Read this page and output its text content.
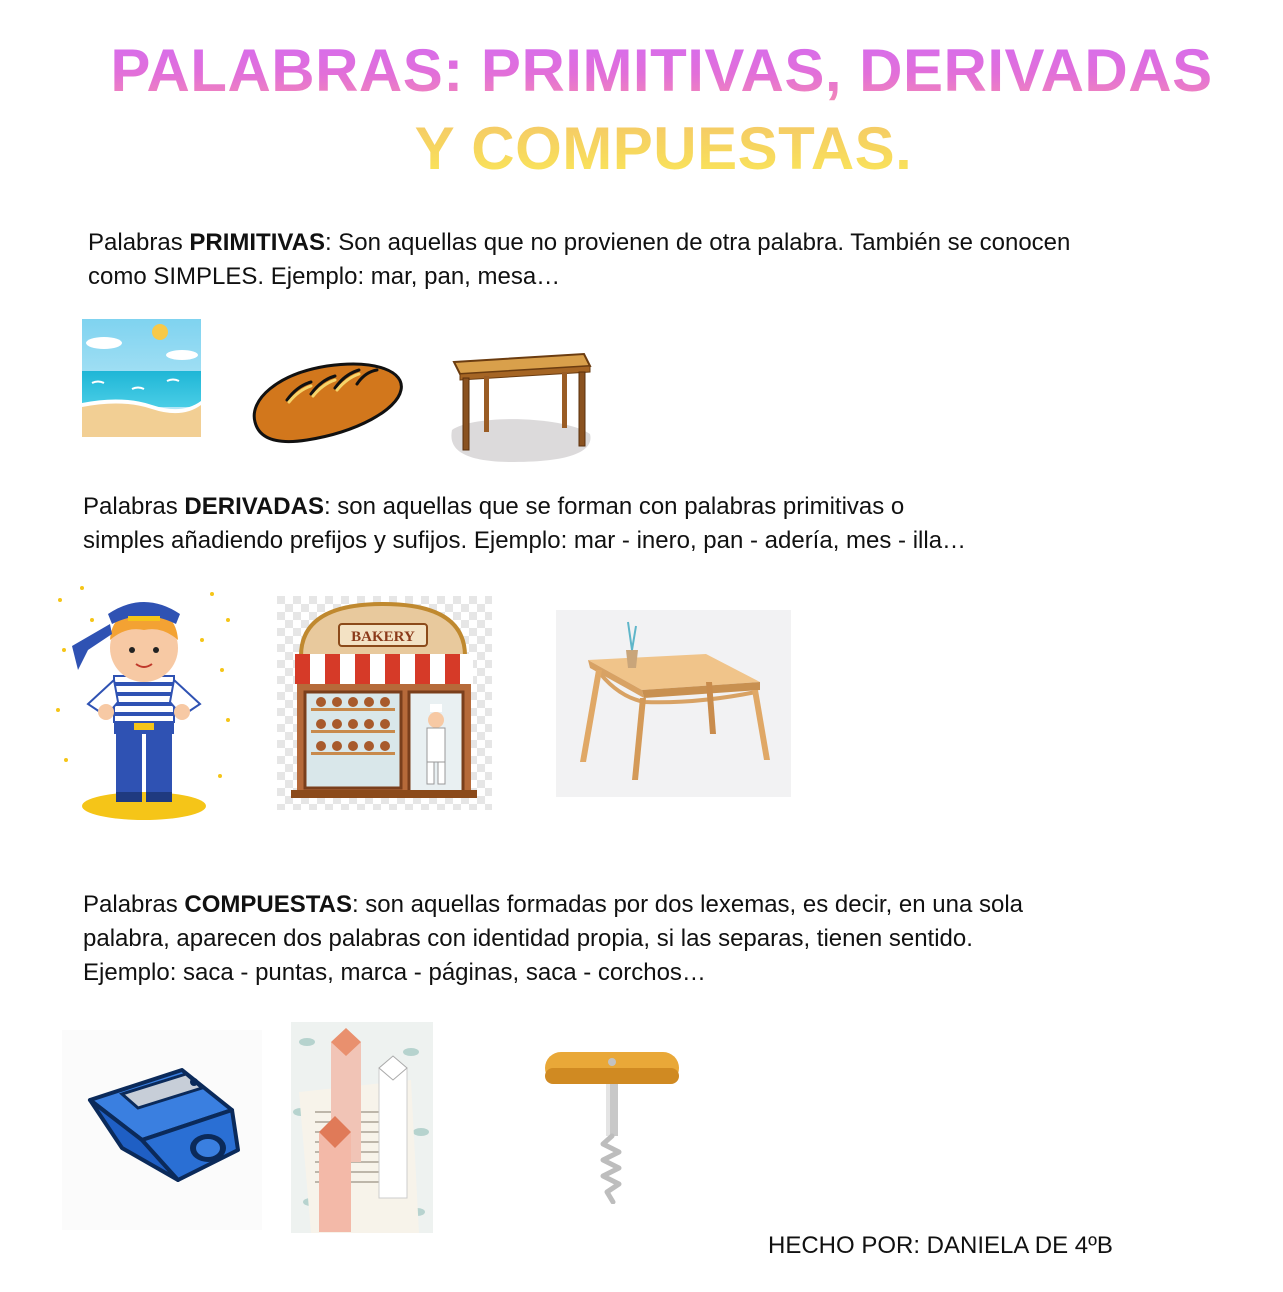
PALABRAS: PRIMITIVAS, DERIVADAS
Y COMPUESTAS.

Palabras PRIMITIVAS: Son aquellas que no provienen de otra palabra. También se conocen
como SIMPLES. Ejemplo: mar, pan, mesa…

Palabras DERIVADAS: son aquellas que se forman con palabras primitivas o
simples añadiendo prefijos y sufijos. Ejemplo: mar - inero, pan - adería, mes - illa…

BAKERY

Palabras COMPUESTAS: son aquellas formadas por dos lexemas, es decir, en una sola
palabra, aparecen dos palabras con identidad propia, si las separas, tienen sentido.
Ejemplo: saca - puntas, marca - páginas, saca - corchos…

HECHO POR: DANIELA DE 4ºB
